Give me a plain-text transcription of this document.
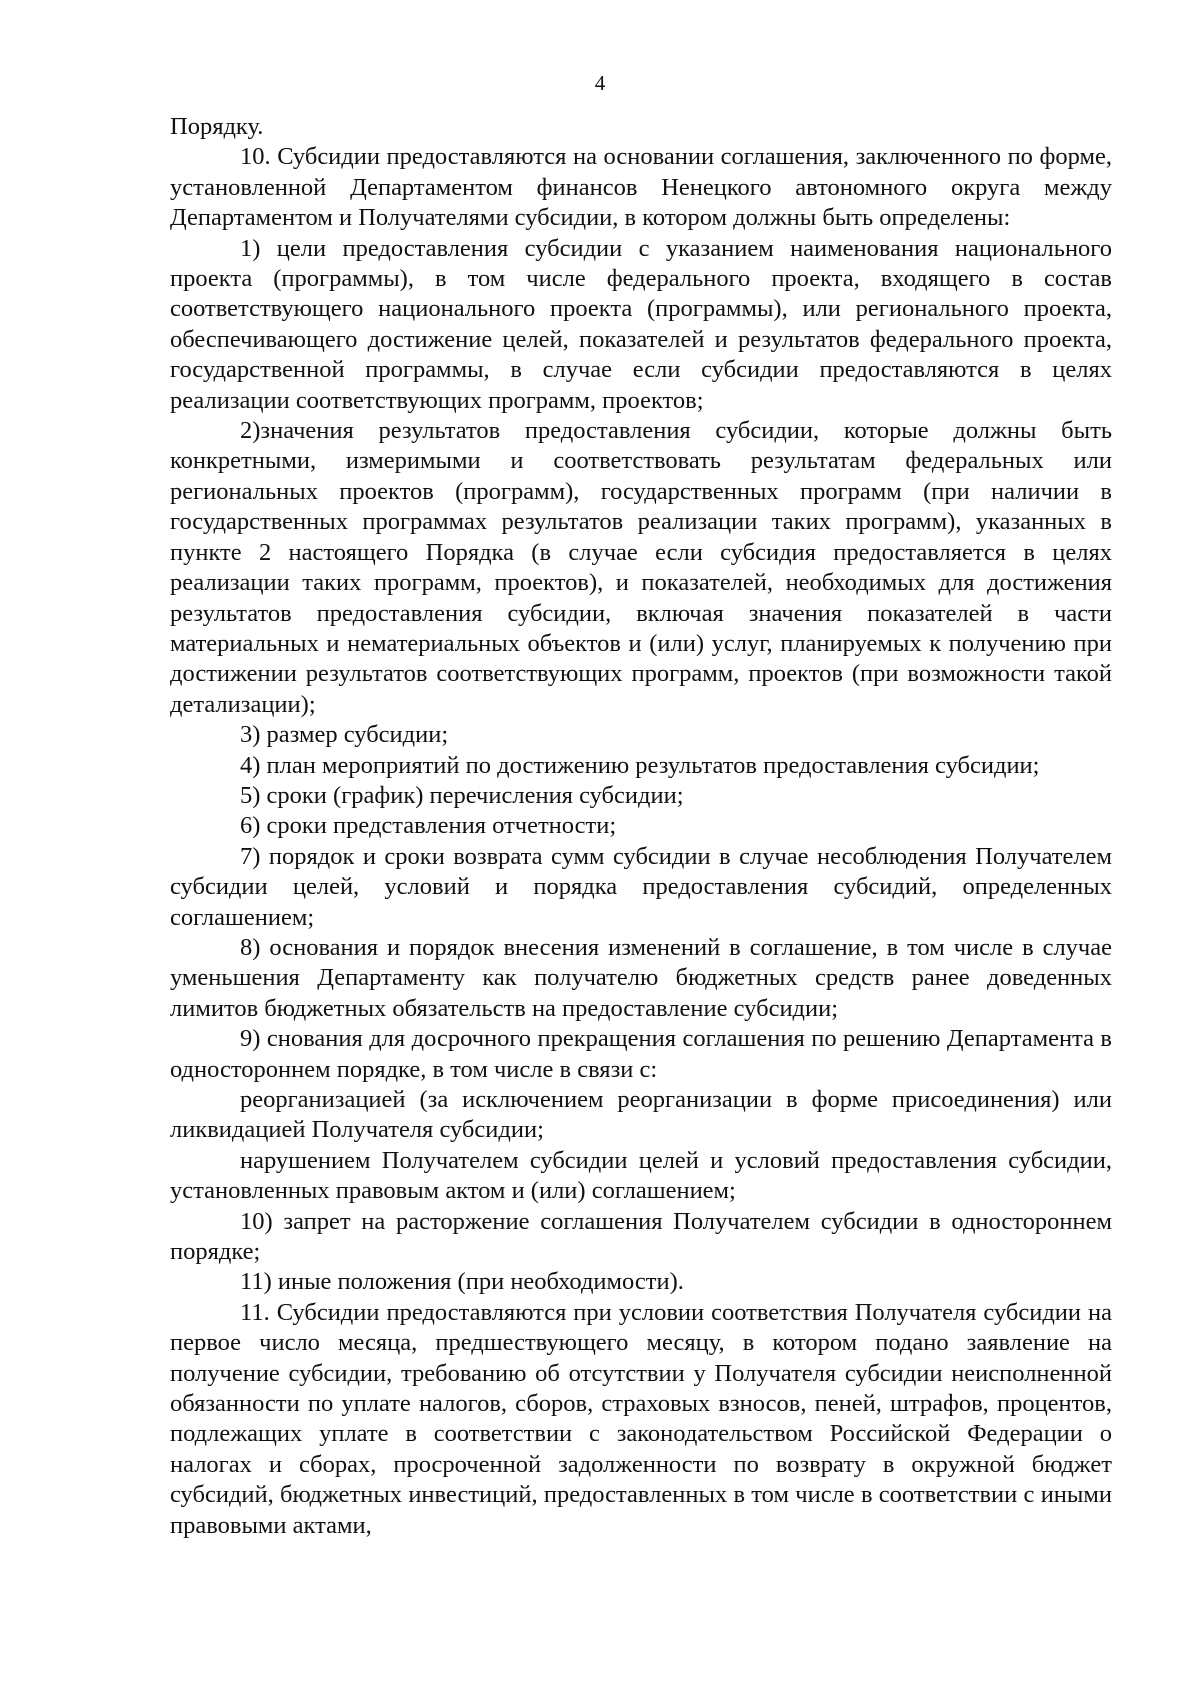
4

Порядку.

10. Субсидии предоставляются на основании соглашения, заключенного по форме, установленной Департаментом финансов Ненецкого автономного округа между Департаментом и Получателями субсидии, в котором должны быть определены:

1) цели предоставления субсидии с указанием наименования национального проекта (программы), в том числе федерального проекта, входящего в состав соответствующего национального проекта (программы), или регионального проекта, обеспечивающего достижение целей, показателей и результатов федерального проекта, государственной программы, в случае если субсидии предоставляются в целях реализации соответствующих программ, проектов;

2)значения результатов предоставления субсидии, которые должны быть конкретными, измеримыми и соответствовать результатам федеральных или региональных проектов (программ), государственных программ (при наличии в государственных программах результатов реализации таких программ), указанных в пункте 2 настоящего Порядка (в случае если субсидия предоставляется в целях реализации таких программ, проектов), и показателей, необходимых для достижения результатов предоставления субсидии, включая значения показателей в части материальных и нематериальных объектов и (или) услуг, планируемых к получению при достижении результатов соответствующих программ, проектов (при возможности такой детализации);

3) размер субсидии;

4) план мероприятий по достижению результатов предоставления субсидии;

5) сроки (график) перечисления субсидии;

6) сроки представления отчетности;

7) порядок и сроки возврата сумм субсидии в случае несоблюдения Получателем субсидии целей, условий и порядка предоставления субсидий, определенных соглашением;

8) основания и порядок внесения изменений в соглашение, в том числе в случае уменьшения Департаменту как получателю бюджетных средств ранее доведенных лимитов бюджетных обязательств на предоставление субсидии;

9) снования для досрочного прекращения соглашения по решению Департамента в одностороннем порядке, в том числе в связи с:

реорганизацией (за исключением реорганизации в форме присоединения) или ликвидацией Получателя субсидии;

нарушением Получателем субсидии целей и условий предоставления субсидии, установленных правовым актом и (или) соглашением;

10) запрет на расторжение соглашения Получателем субсидии в одностороннем порядке;

11) иные положения (при необходимости).

11. Субсидии предоставляются при условии соответствия Получателя субсидии на первое число месяца, предшествующего месяцу, в котором подано заявление на получение субсидии, требованию об отсутствии у Получателя субсидии неисполненной обязанности по уплате налогов, сборов, страховых взносов, пеней, штрафов, процентов, подлежащих уплате в соответствии с законодательством Российской Федерации о налогах и сборах, просроченной задолженности по возврату в окружной бюджет субсидий, бюджетных инвестиций, предоставленных в том числе в соответствии с иными правовыми актами,
